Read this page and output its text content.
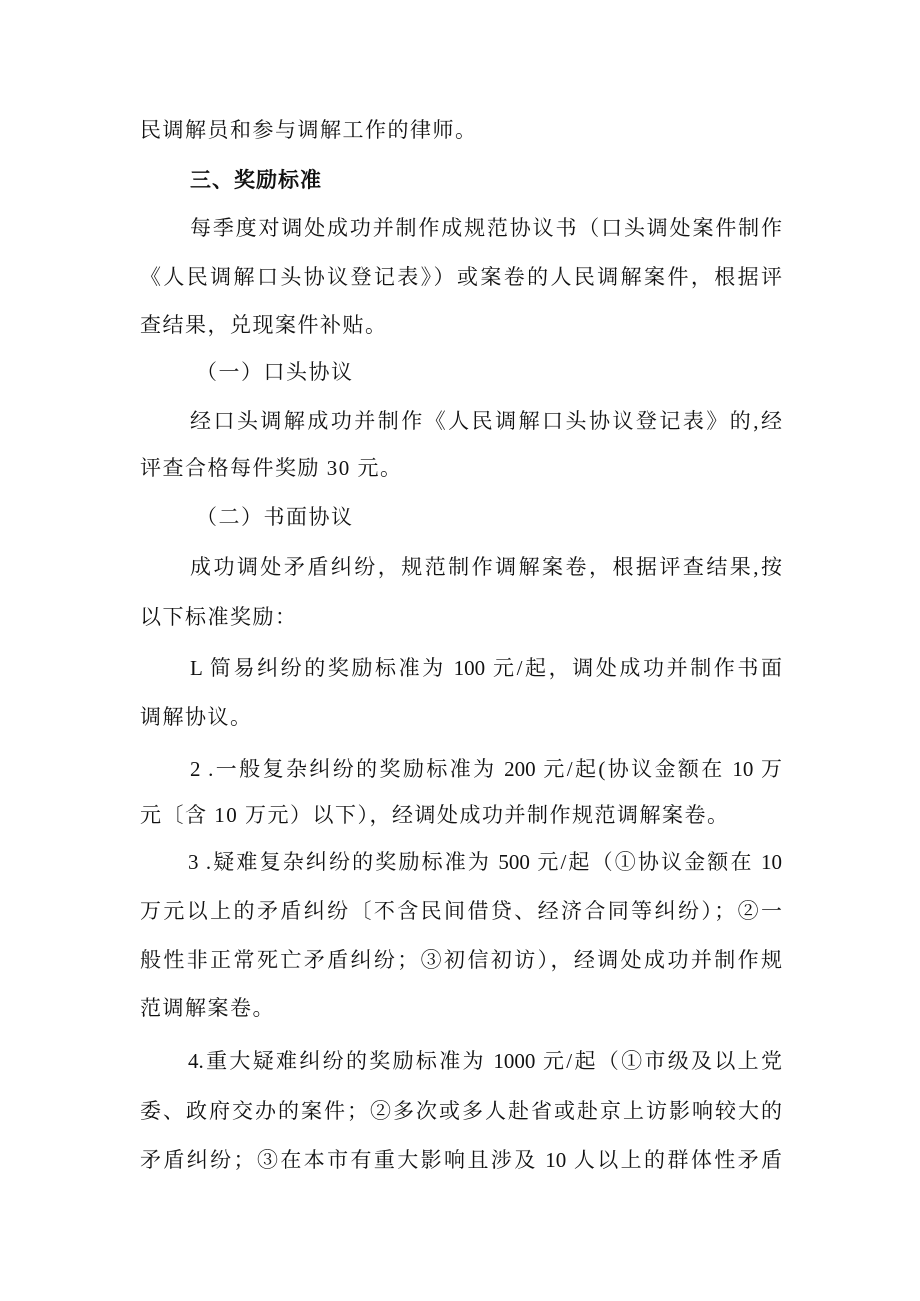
民调解员和参与调解工作的律师。
三、奖励标准
每季度对调处成功并制作成规范协议书（口头调处案件制作
《人民调解口头协议登记表》）或案卷的人民调解案件，根据评
查结果，兑现案件补贴。
（一）口头协议
经口头调解成功并制作《人民调解口头协议登记表》的,经
评查合格每件奖励 30 元。
（二）书面协议
成功调处矛盾纠纷，规范制作调解案卷，根据评查结果,按
以下标准奖励：
L 简易纠纷的奖励标准为 100 元/起，调处成功并制作书面
调解协议。
2 .一般复杂纠纷的奖励标准为 200 元/起(协议金额在 10 万
元〔含 10 万元）以下），经调处成功并制作规范调解案卷。
3 .疑难复杂纠纷的奖励标准为 500 元/起（①协议金额在 10
万元以上的矛盾纠纷〔不含民间借贷、经济合同等纠纷）；②一
般性非正常死亡矛盾纠纷；③初信初访），经调处成功并制作规
范调解案卷。
4.重大疑难纠纷的奖励标准为 1000 元/起（①市级及以上党
委、政府交办的案件；②多次或多人赴省或赴京上访影响较大的
矛盾纠纷；③在本市有重大影响且涉及 10 人以上的群体性矛盾
